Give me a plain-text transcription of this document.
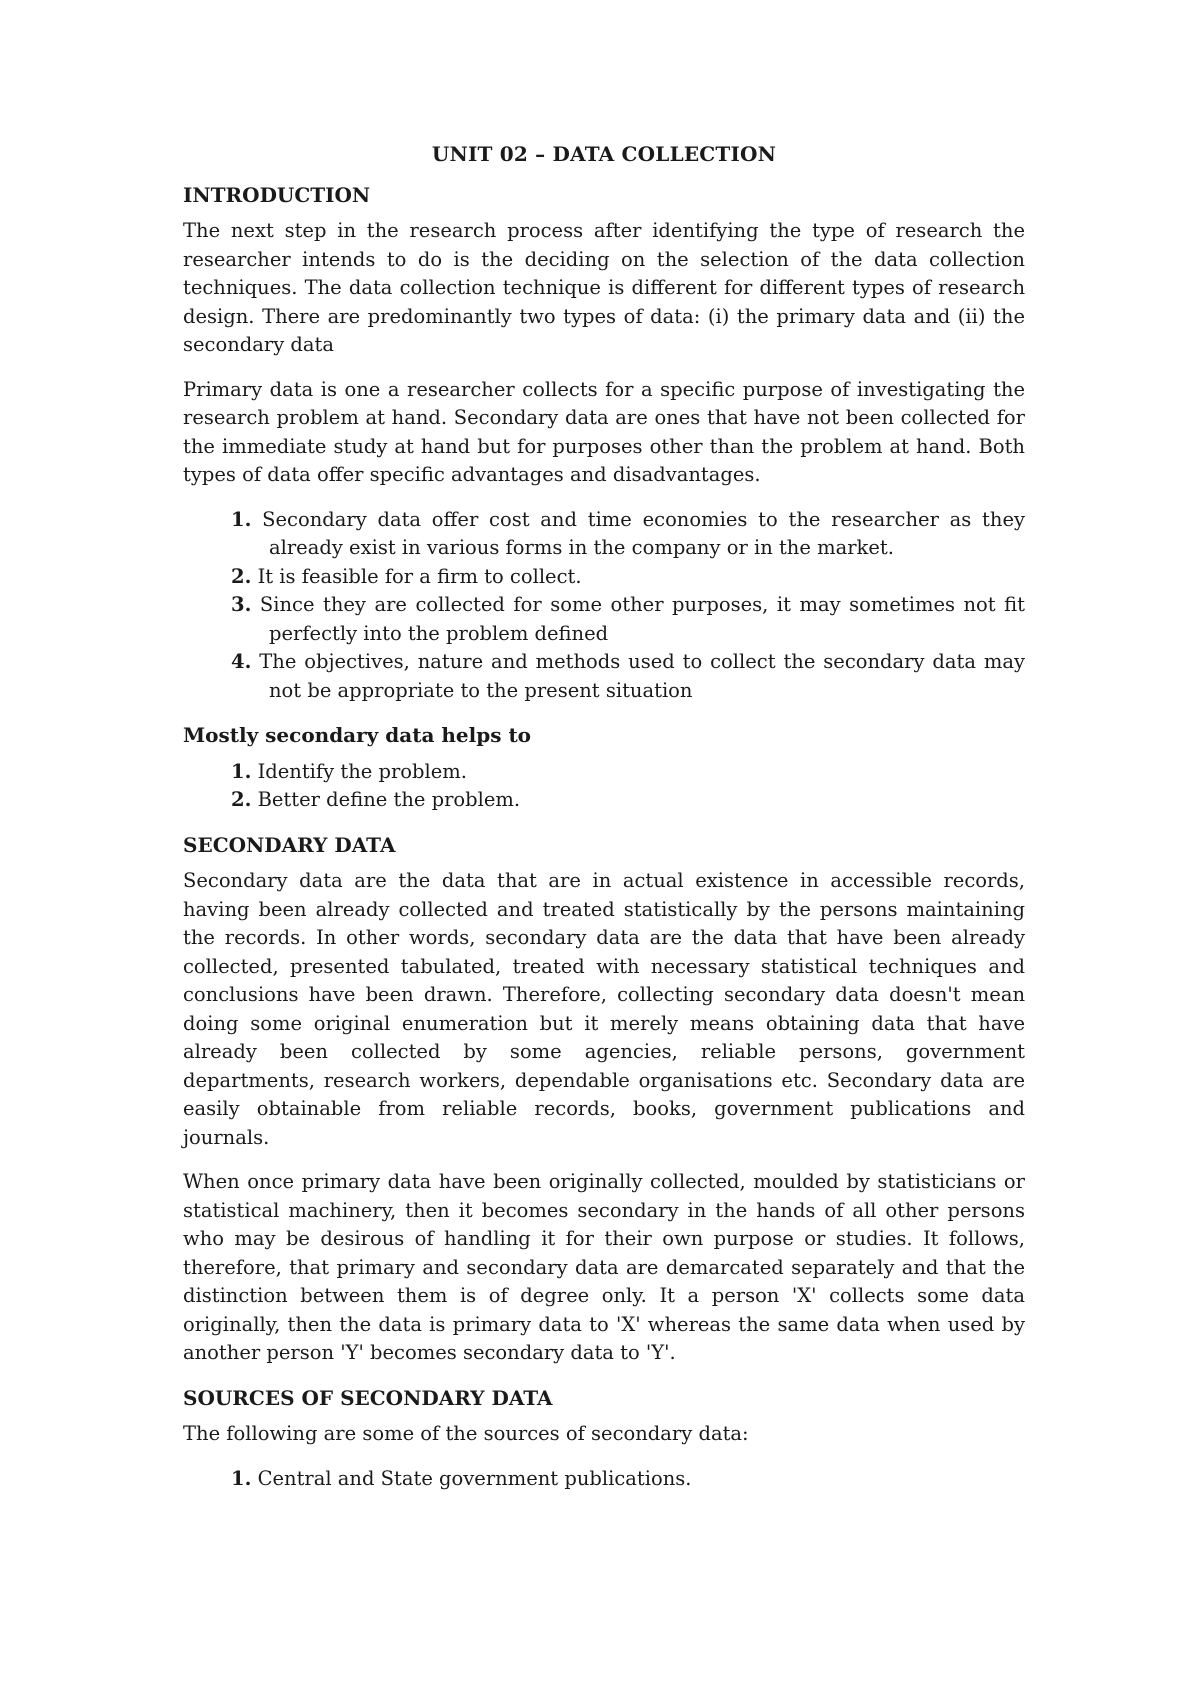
UNIT 02 – DATA COLLECTION
INTRODUCTION

The next step in the research process after identifying the type of research the researcher intends to do is the deciding on the selection of the data collection techniques. The data collection technique is different for different types of research design. There are predominantly two types of data: (i) the primary data and (ii) the secondary data

Primary data is one a researcher collects for a specific purpose of investigating the research problem at hand. Secondary data are ones that have not been collected for the immediate study at hand but for purposes other than the problem at hand. Both types of data offer specific advantages and disadvantages.

1. Secondary data offer cost and time economies to the researcher as they already exist in various forms in the company or in the market.
2. It is feasible for a firm to collect.
3. Since they are collected for some other purposes, it may sometimes not fit perfectly into the problem defined
4. The objectives, nature and methods used to collect the secondary data may not be appropriate to the present situation
Mostly secondary data helps to
1. Identify the problem.
2. Better define the problem.
SECONDARY DATA

Secondary data are the data that are in actual existence in accessible records, having been already collected and treated statistically by the persons maintaining the records. In other words, secondary data are the data that have been already collected, presented tabulated, treated with necessary statistical techniques and conclusions have been drawn. Therefore, collecting secondary data doesn't mean doing some original enumeration but it merely means obtaining data that have already been collected by some agencies, reliable persons, government departments, research workers, dependable organisations etc. Secondary data are easily obtainable from reliable records, books, government publications and journals.

When once primary data have been originally collected, moulded by statisticians or statistical machinery, then it becomes secondary in the hands of all other persons who may be desirous of handling it for their own purpose or studies. It follows, therefore, that primary and secondary data are demarcated separately and that the distinction between them is of degree only. It a person 'X' collects some data originally, then the data is primary data to 'X' whereas the same data when used by another person 'Y' becomes secondary data to 'Y'.

SOURCES OF SECONDARY DATA

The following are some of the sources of secondary data:

1. Central and State government publications.
